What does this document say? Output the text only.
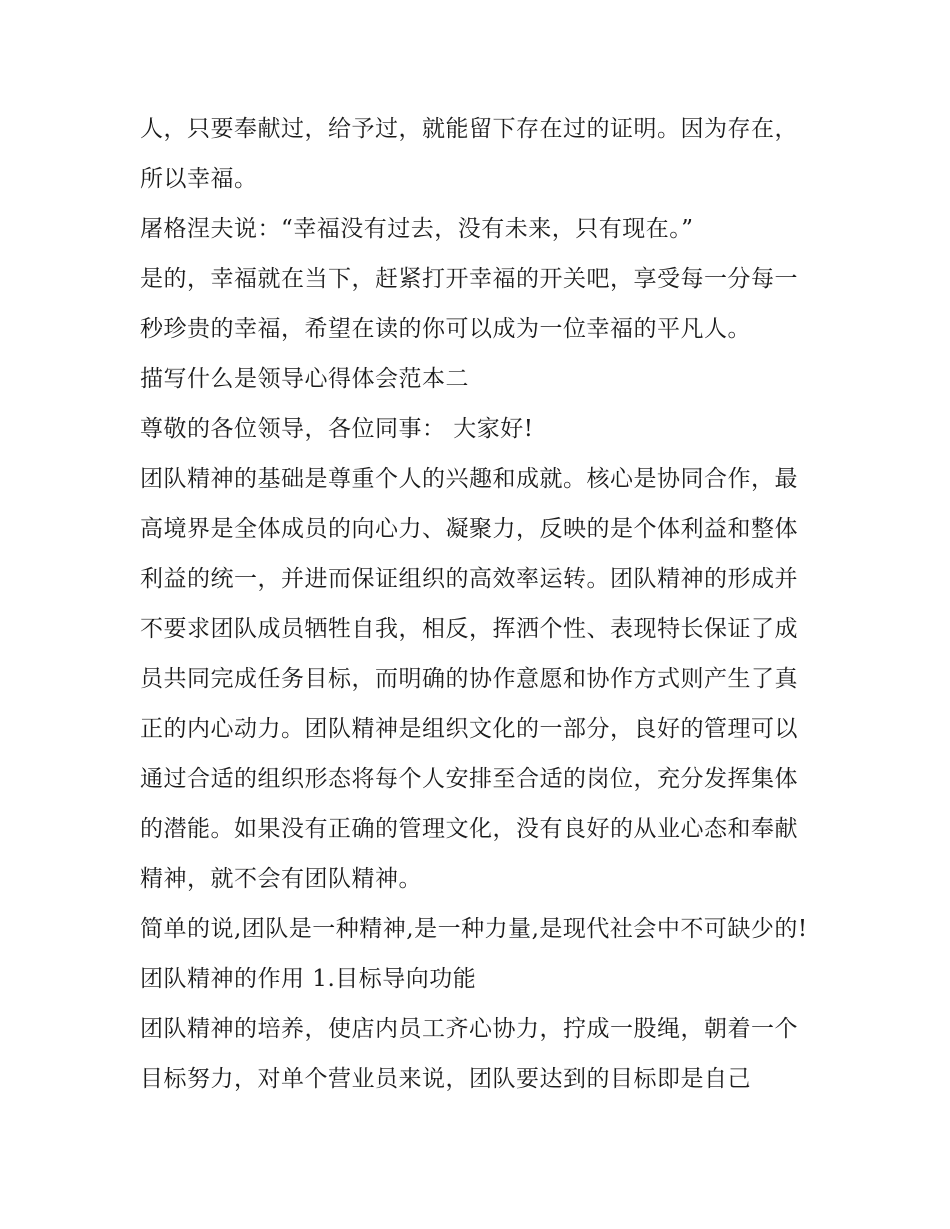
人，只要奉献过，给予过，就能留下存在过的证明。因为存在，所以幸福。

屠格涅夫说：“幸福没有过去，没有未来，只有现在。”

是的，幸福就在当下，赶紧打开幸福的开关吧，享受每一分每一秒珍贵的幸福，希望在读的你可以成为一位幸福的平凡人。

描写什么是领导心得体会范本二

尊敬的各位领导，各位同事： 大家好!

团队精神的基础是尊重个人的兴趣和成就。核心是协同合作，最高境界是全体成员的向心力、凝聚力，反映的是个体利益和整体利益的统一，并进而保证组织的高效率运转。团队精神的形成并不要求团队成员牺牲自我，相反，挥洒个性、表现特长保证了成员共同完成任务目标，而明确的协作意愿和协作方式则产生了真正的内心动力。团队精神是组织文化的一部分，良好的管理可以通过合适的组织形态将每个人安排至合适的岗位，充分发挥集体的潜能。如果没有正确的管理文化，没有良好的从业心态和奉献精神，就不会有团队精神。

简单的说,团队是一种精神,是一种力量,是现代社会中不可缺少的! 团队精神的作用 1.目标导向功能

团队精神的培养，使店内员工齐心协力，拧成一股绳，朝着一个目标努力，对单个营业员来说，团队要达到的目标即是自己
